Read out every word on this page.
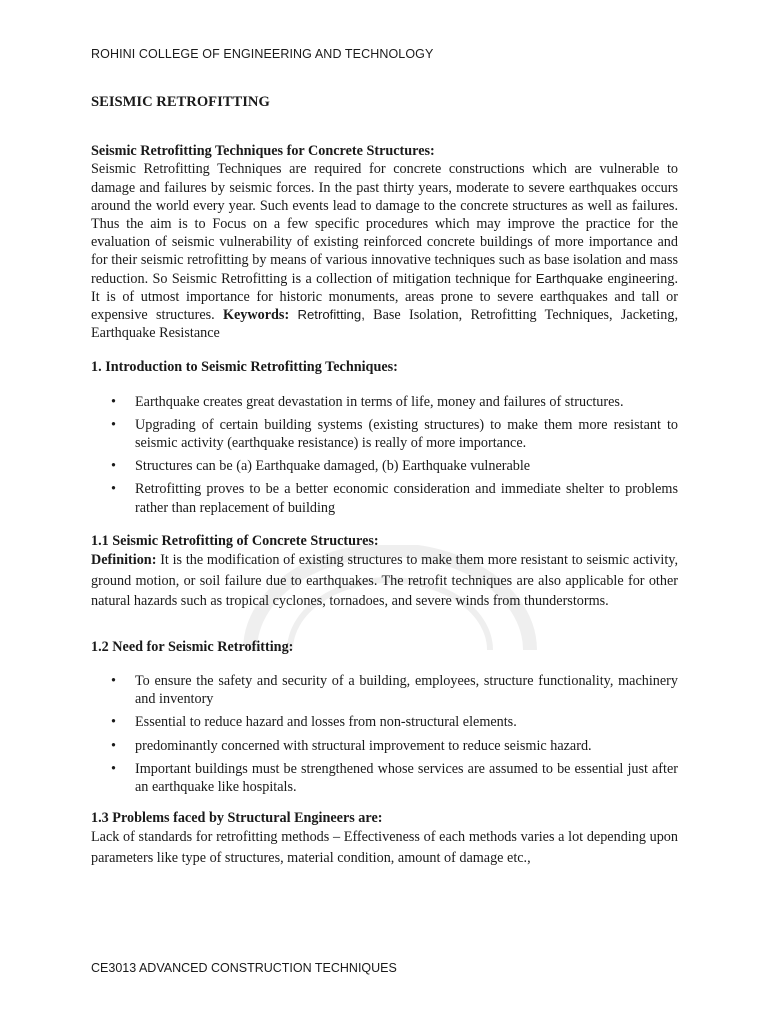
ROHINI COLLEGE OF ENGINEERING AND TECHNOLOGY
SEISMIC RETROFITTING
Seismic Retrofitting Techniques for Concrete Structures:

Seismic Retrofitting Techniques are required for concrete constructions which are vulnerable to damage and failures by seismic forces. In the past thirty years, moderate to severe earthquakes occurs around the world every year. Such events lead to damage to the concrete structures as well as failures. Thus the aim is to Focus on a few specific procedures which may improve the practice for the evaluation of seismic vulnerability of existing reinforced concrete buildings of more importance and for their seismic retrofitting by means of various innovative techniques such as base isolation and mass reduction. So Seismic Retrofitting is a collection of mitigation technique for Earthquake engineering. It is of utmost importance for historic monuments, areas prone to severe earthquakes and tall or expensive structures. Keywords: Retrofitting, Base Isolation, Retrofitting Techniques, Jacketing, Earthquake Resistance

1. Introduction to Seismic Retrofitting Techniques:
• Earthquake creates great devastation in terms of life, money and failures of structures.
• Upgrading of certain building systems (existing structures) to make them more resistant to seismic activity (earthquake resistance) is really of more importance.
• Structures can be (a) Earthquake damaged, (b) Earthquake vulnerable
• Retrofitting proves to be a better economic consideration and immediate shelter to problems rather than replacement of building
1.1 Seismic Retrofitting of Concrete Structures:

Definition: It is the modification of existing structures to make them more resistant to seismic activity, ground motion, or soil failure due to earthquakes. The retrofit techniques are also applicable for other natural hazards such as tropical cyclones, tornadoes, and severe winds from thunderstorms.

1.2 Need for Seismic Retrofitting:
• To ensure the safety and security of a building, employees, structure functionality, machinery and inventory
• Essential to reduce hazard and losses from non-structural elements.
• predominantly concerned with structural improvement to reduce seismic hazard.
• Important buildings must be strengthened whose services are assumed to be essential just after an earthquake like hospitals.
1.3 Problems faced by Structural Engineers are:

Lack of standards for retrofitting methods – Effectiveness of each methods varies a lot depending upon parameters like type of structures, material condition, amount of damage etc.,

CE3013 ADVANCED CONSTRUCTION TECHNIQUES
